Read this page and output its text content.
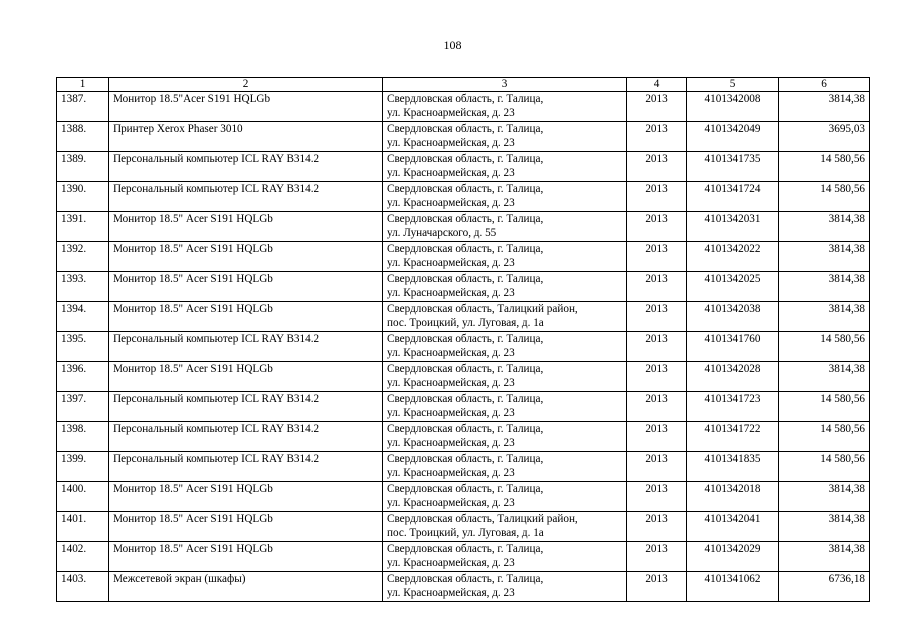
108
1	2	3	4	5	6
1387.	Монитор 18.5"Acer S191 HQLGb	Свердловская область, г. Талица,
ул. Красноармейская, д. 23	2013	4101342008	3814,38
1388.	Принтер Xerox Phaser 3010	Свердловская область, г. Талица,
ул. Красноармейская, д. 23	2013	4101342049	3695,03
1389.	Персональный компьютер ICL RAY B314.2	Свердловская область, г. Талица,
ул. Красноармейская, д. 23	2013	4101341735	14 580,56
1390.	Персональный компьютер ICL RAY B314.2	Свердловская область, г. Талица,
ул. Красноармейская, д. 23	2013	4101341724	14 580,56
1391.	Монитор 18.5" Acer S191 HQLGb	Свердловская область, г. Талица,
ул. Луначарского, д. 55	2013	4101342031	3814,38
1392.	Монитор 18.5" Acer S191 HQLGb	Свердловская область, г. Талица,
ул. Красноармейская, д. 23	2013	4101342022	3814,38
1393.	Монитор 18.5" Acer S191 HQLGb	Свердловская область, г. Талица,
ул. Красноармейская, д. 23	2013	4101342025	3814,38
1394.	Монитор 18.5" Acer S191 HQLGb	Свердловская область, Талицкий район,
пос. Троицкий, ул. Луговая, д. 1а	2013	4101342038	3814,38
1395.	Персональный компьютер ICL RAY B314.2	Свердловская область, г. Талица,
ул. Красноармейская, д. 23	2013	4101341760	14 580,56
1396.	Монитор 18.5" Acer S191 HQLGb	Свердловская область, г. Талица,
ул. Красноармейская, д. 23	2013	4101342028	3814,38
1397.	Персональный компьютер ICL RAY B314.2	Свердловская область, г. Талица,
ул. Красноармейская, д. 23	2013	4101341723	14 580,56
1398.	Персональный компьютер ICL RAY B314.2	Свердловская область, г. Талица,
ул. Красноармейская, д. 23	2013	4101341722	14 580,56
1399.	Персональный компьютер ICL RAY B314.2	Свердловская область, г. Талица,
ул. Красноармейская, д. 23	2013	4101341835	14 580,56
1400.	Монитор 18.5" Acer S191 HQLGb	Свердловская область, г. Талица,
ул. Красноармейская, д. 23	2013	4101342018	3814,38
1401.	Монитор 18.5" Acer S191 HQLGb	Свердловская область, Талицкий район,
пос. Троицкий, ул. Луговая, д. 1а	2013	4101342041	3814,38
1402.	Монитор 18.5" Acer S191 HQLGb	Свердловская область, г. Талица,
ул. Красноармейская, д. 23	2013	4101342029	3814,38
1403.	Межсетевой экран (шкафы)	Свердловская область, г. Талица,
ул. Красноармейская, д. 23	2013	4101341062	6736,18
